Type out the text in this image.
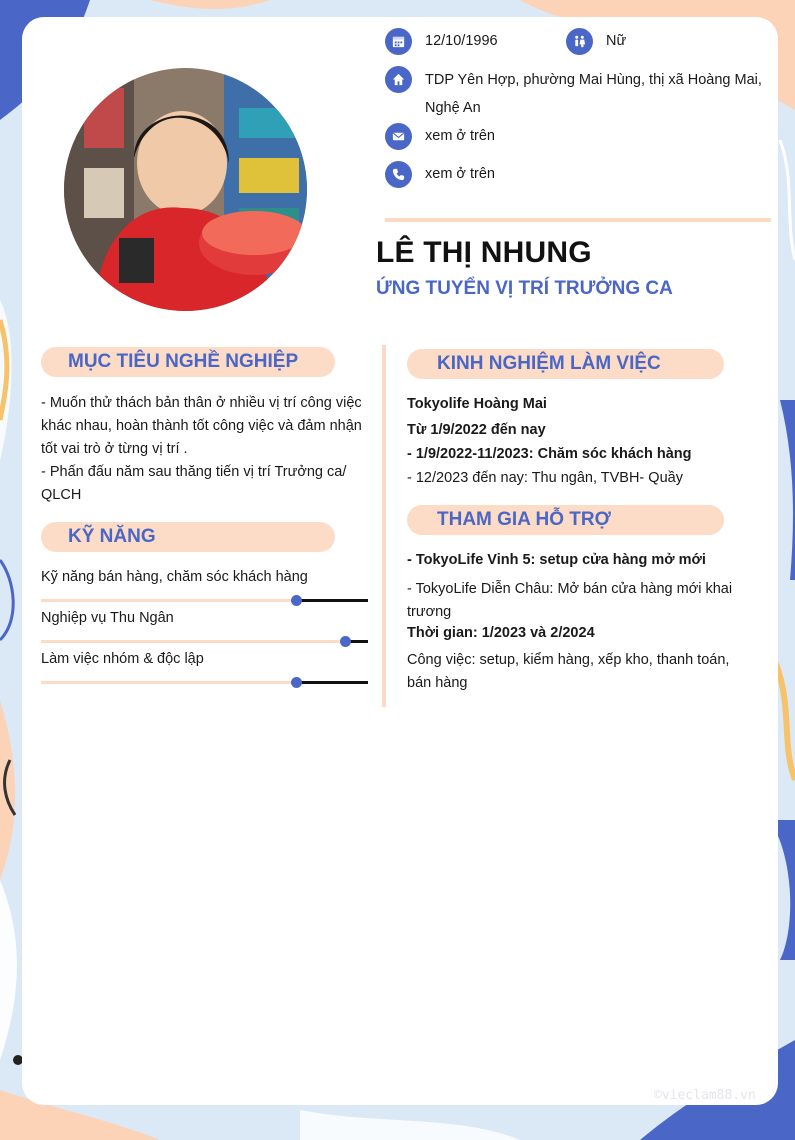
12/10/1996	Nữ
TDP Yên Hợp, phường Mai Hùng, thị xã Hoàng Mai, Nghệ An
xem ở trên
xem ở trên
LÊ THỊ NHUNG
ỨNG TUYỂN VỊ TRÍ TRƯỞNG CA
MỤC TIÊU NGHỀ NGHIỆP
- Muốn thử thách bản thân ở nhiều vị trí công việc khác nhau, hoàn thành tốt công việc và đảm nhận tốt vai trò ở từng vị trí .
- Phấn đấu năm sau thăng tiến vị trí Trưởng ca/ QLCH
KỸ NĂNG
Kỹ năng bán hàng, chăm sóc khách hàng
Nghiệp vụ Thu Ngân
Làm việc nhóm & độc lập
KINH NGHIỆM LÀM VIỆC
Tokyolife Hoàng Mai
Từ 1/9/2022 đến nay
- 1/9/2022-11/2023: Chăm sóc khách hàng
- 12/2023 đến nay: Thu ngân, TVBH- Quầy
THAM GIA HỖ TRỢ
- TokyoLife Vinh 5: setup cửa hàng mở mới
- TokyoLife Diễn Châu: Mở bán cửa hàng mới khai trương
Thời gian: 1/2023 và 2/2024
Công việc: setup, kiểm hàng, xếp kho, thanh toán, bán hàng
©vieclam88.vn
